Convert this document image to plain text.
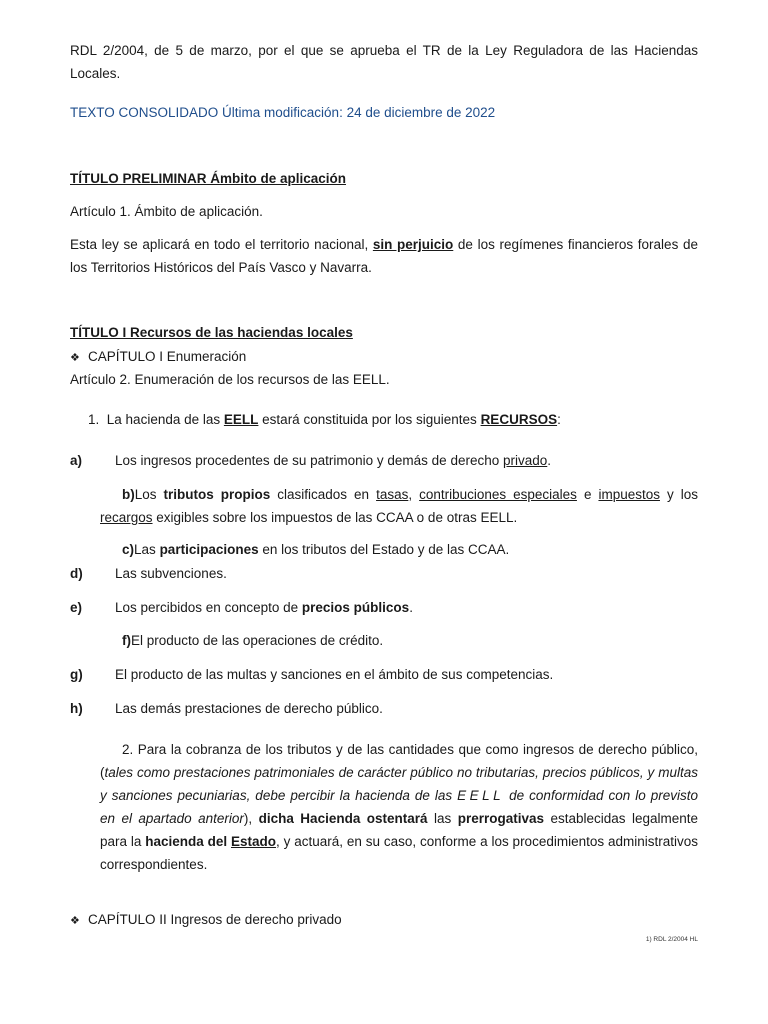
RDL 2/2004, de 5 de marzo, por el que se aprueba el TR de la Ley Reguladora de las Haciendas Locales.

TEXTO CONSOLIDADO Última modificación: 24 de diciembre de 2022

TÍTULO PRELIMINAR Ámbito de aplicación

Artículo 1. Ámbito de aplicación.

Esta ley se aplicará en todo el territorio nacional, sin perjuicio de los regímenes financieros forales de los Territorios Históricos del País Vasco y Navarra.

TÍTULO I Recursos de las haciendas locales

❖ CAPÍTULO I Enumeración

Artículo 2. Enumeración de los recursos de las EELL.

1. La hacienda de las EELL estará constituida por los siguientes RECURSOS:

a) Los ingresos procedentes de su patrimonio y demás de derecho privado.
b)Los tributos propios clasificados en tasas, contribuciones especiales e impuestos y los recargos exigibles sobre los impuestos de las CCAA o de otras EELL.
c)Las participaciones en los tributos del Estado y de las CCAA.
d) Las subvenciones.
e) Los percibidos en concepto de precios públicos.
f)El producto de las operaciones de crédito.
g) El producto de las multas y sanciones en el ámbito de sus competencias.
h) Las demás prestaciones de derecho público.
2. Para la cobranza de los tributos y de las cantidades que como ingresos de derecho público, (tales como prestaciones patrimoniales de carácter público no tributarias, precios públicos, y multas y sanciones pecuniarias, debe percibir la hacienda de las EELL de conformidad con lo previsto en el apartado anterior), dicha Hacienda ostentará las prerrogativas establecidas legalmente para la hacienda del Estado, y actuará, en su caso, conforme a los procedimientos administrativos correspondientes.

❖ CAPÍTULO II Ingresos de derecho privado

1) RDL 2/2004 HL
